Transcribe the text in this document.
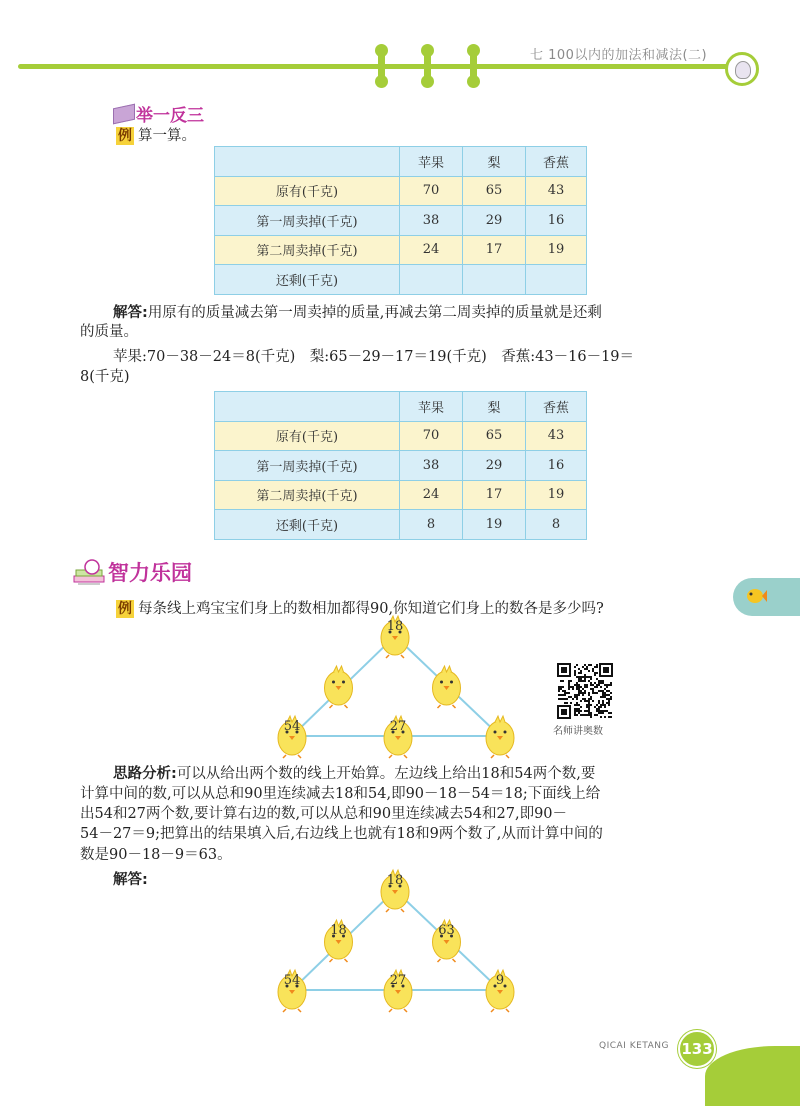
七 100以内的加法和减法(二)
举一反三
例 算一算。
	苹果	梨	香蕉
原有(千克)	70	65	43
第一周卖掉(千克)	38	29	16
第二周卖掉(千克)	24	17	19
还剩(千克)			
解答:用原有的质量减去第一周卖掉的质量,再减去第二周卖掉的质量就是还剩
的质量。
苹果:70－38－24＝8(千克)　梨:65－29－17＝19(千克)　香蕉:43－16－19＝
8(千克)
	苹果	梨	香蕉
原有(千克)	70	65	43
第一周卖掉(千克)	38	29	16
第二周卖掉(千克)	24	17	19
还剩(千克)	8	19	8
智力乐园
例 每条线上鸡宝宝们身上的数相加都得90,你知道它们身上的数各是多少吗?
18
54	27	名师讲奥数
思路分析:可以从给出两个数的线上开始算。左边线上给出18和54两个数,要
计算中间的数,可以从总和90里连续减去18和54,即90－18－54＝18;下面线上给
出54和27两个数,要计算右边的数,可以从总和90里连续减去54和27,即90－
54－27＝9;把算出的结果填入后,右边线上也就有18和9两个数了,从而计算中间的
数是90－18－9＝63。
解答:	18
18	63
54	27	9
QICAI KETANG 133
